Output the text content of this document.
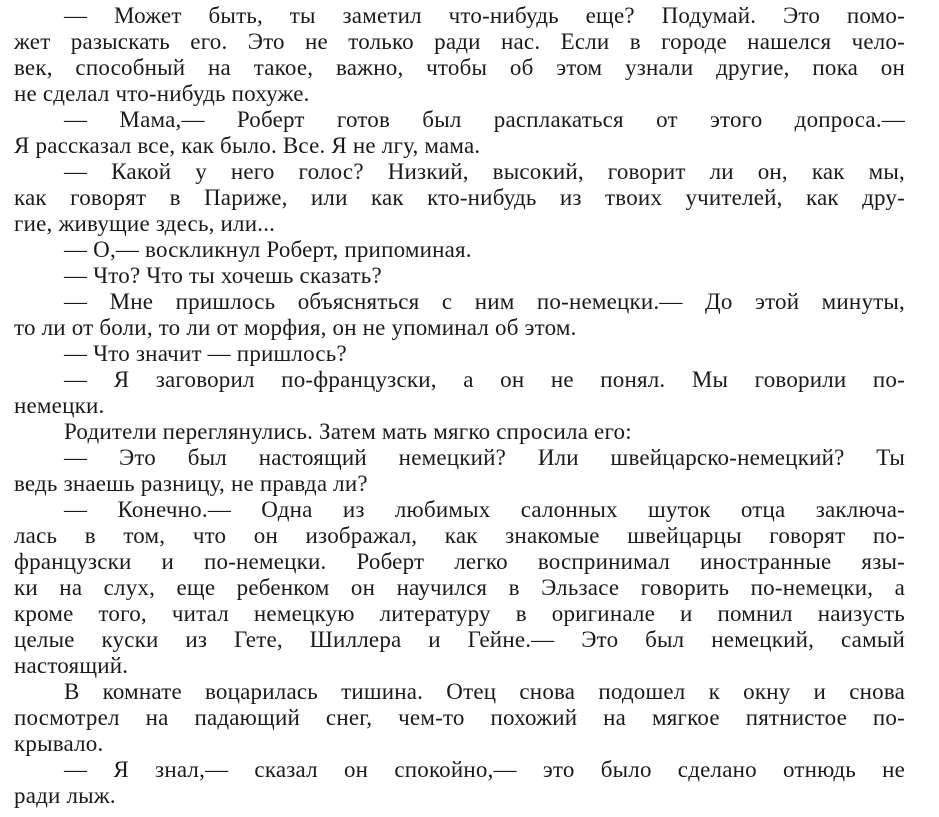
— Может быть, ты заметил что-нибудь еще? Подумай. Это помо-
жет разыскать его. Это не только ради нас. Если в городе нашелся чело-
век, способный на такое, важно, чтобы об этом узнали другие, пока он
не сделал что-нибудь похуже.
— Мама,— Роберт готов был расплакаться от этого допроса.—
Я рассказал все, как было. Все. Я не лгу, мама.
— Какой у него голос? Низкий, высокий, говорит ли он, как мы,
как говорят в Париже, или как кто-нибудь из твоих учителей, как дру-
гие, живущие здесь, или...
— О,— воскликнул Роберт, припоминая.
— Что? Что ты хочешь сказать?
— Мне пришлось объясняться с ним по-немецки.— До этой минуты,
то ли от боли, то ли от морфия, он не упоминал об этом.
— Что значит — пришлось?
— Я заговорил по-французски, а он не понял. Мы говорили по-
немецки.
Родители переглянулись. Затем мать мягко спросила его:
— Это был настоящий немецкий? Или швейцарско-немецкий? Ты
ведь знаешь разницу, не правда ли?
— Конечно.— Одна из любимых салонных шуток отца заключа-
лась в том, что он изображал, как знакомые швейцарцы говорят по-
французски и по-немецки. Роберт легко воспринимал иностранные язы-
ки на слух, еще ребенком он научился в Эльзасе говорить по-немецки, а
кроме того, читал немецкую литературу в оригинале и помнил наизусть
целые куски из Гете, Шиллера и Гейне.— Это был немецкий, самый
настоящий.
В комнате воцарилась тишина. Отец снова подошел к окну и снова
посмотрел на падающий снег, чем-то похожий на мягкое пятнистое по-
крывало.
— Я знал,— сказал он спокойно,— это было сделано отнюдь не
ради лыж.
